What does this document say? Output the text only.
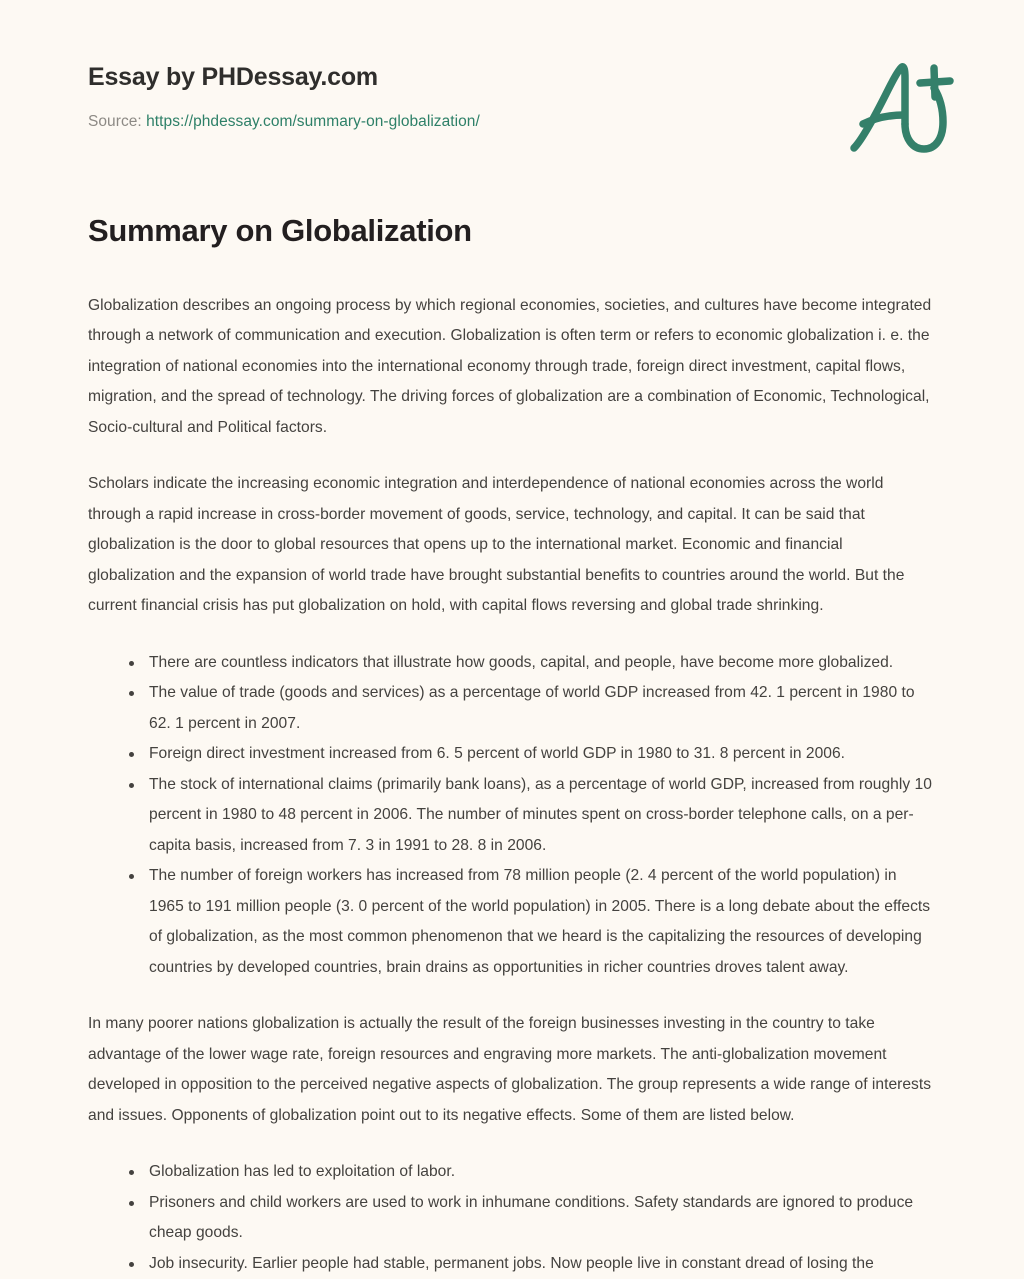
Essay by PHDessay.com
Source: https://phdessay.com/summary-on-globalization/
Summary on Globalization

Globalization describes an ongoing process by which regional economies, societies, and cultures have become integrated through a network of communication and execution. Globalization is often term or refers to economic globalization i. e. the integration of national economies into the international economy through trade, foreign direct investment, capital flows, migration, and the spread of technology. The driving forces of globalization are a combination of Economic, Technological, Socio-cultural and Political factors.

Scholars indicate the increasing economic integration and interdependence of national economies across the world through a rapid increase in cross-border movement of goods, service, technology, and capital. It can be said that globalization is the door to global resources that opens up to the international market. Economic and financial globalization and the expansion of world trade have brought substantial benefits to countries around the world. But the current financial crisis has put globalization on hold, with capital flows reversing and global trade shrinking.

There are countless indicators that illustrate how goods, capital, and people, have become more globalized.
The value of trade (goods and services) as a percentage of world GDP increased from 42. 1 percent in 1980 to 62. 1 percent in 2007.
Foreign direct investment increased from 6. 5 percent of world GDP in 1980 to 31. 8 percent in 2006.
The stock of international claims (primarily bank loans), as a percentage of world GDP, increased from roughly 10 percent in 1980 to 48 percent in 2006. The number of minutes spent on cross-border telephone calls, on a per-capita basis, increased from 7. 3 in 1991 to 28. 8 in 2006.
The number of foreign workers has increased from 78 million people (2. 4 percent of the world population) in 1965 to 191 million people (3. 0 percent of the world population) in 2005. There is a long debate about the effects of globalization, as the most common phenomenon that we heard is the capitalizing the resources of developing countries by developed countries, brain drains as opportunities in richer countries droves talent away.

In many poorer nations globalization is actually the result of the foreign businesses investing in the country to take advantage of the lower wage rate, foreign resources and engraving more markets. The anti-globalization movement developed in opposition to the perceived negative aspects of globalization. The group represents a wide range of interests and issues. Opponents of globalization point out to its negative effects. Some of them are listed below.

Globalization has led to exploitation of labor.
Prisoners and child workers are used to work in inhumane conditions. Safety standards are ignored to produce cheap goods.
Job insecurity. Earlier people had stable, permanent jobs. Now people live in constant dread of losing the
